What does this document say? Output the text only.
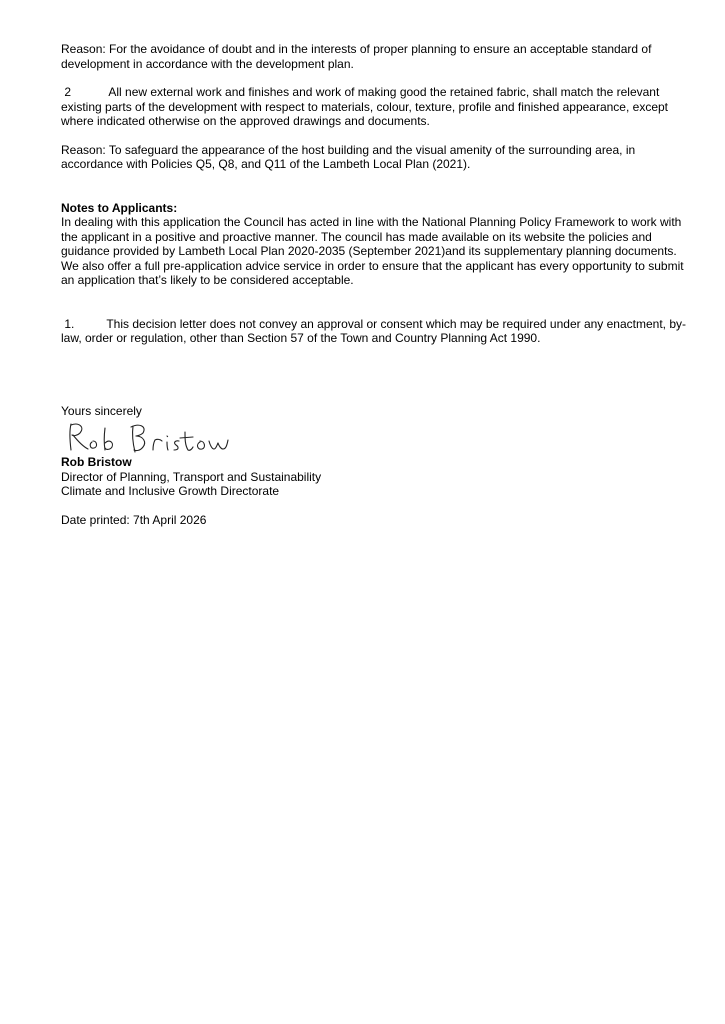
Reason: For the avoidance of doubt and in the interests of proper planning to ensure an acceptable standard of development in accordance with the development plan.

2	All new external work and finishes and work of making good the retained fabric, shall match the relevant existing parts of the development with respect to materials, colour, texture, profile and finished appearance, except where indicated otherwise on the approved drawings and documents.

Reason: To safeguard the appearance of the host building and the visual amenity of the surrounding area, in accordance with Policies Q5, Q8, and Q11 of the Lambeth Local Plan (2021).

Notes to Applicants:

In dealing with this application the Council has acted in line with the National Planning Policy Framework to work with the applicant in a positive and proactive manner. The council has made available on its website the policies and guidance provided by Lambeth Local Plan 2020-2035 (September 2021)and its supplementary planning documents. We also offer a full pre-application advice service in order to ensure that the applicant has every opportunity to submit an application that’s likely to be considered acceptable.

1.	This decision letter does not convey an approval or consent which may be required under any enactment, by-law, order or regulation, other than Section 57 of the Town and Country Planning Act 1990.

Yours sincerely

Rob Bristow

Director of Planning, Transport and Sustainability

Climate and Inclusive Growth Directorate

Date printed: 7th April 2026
